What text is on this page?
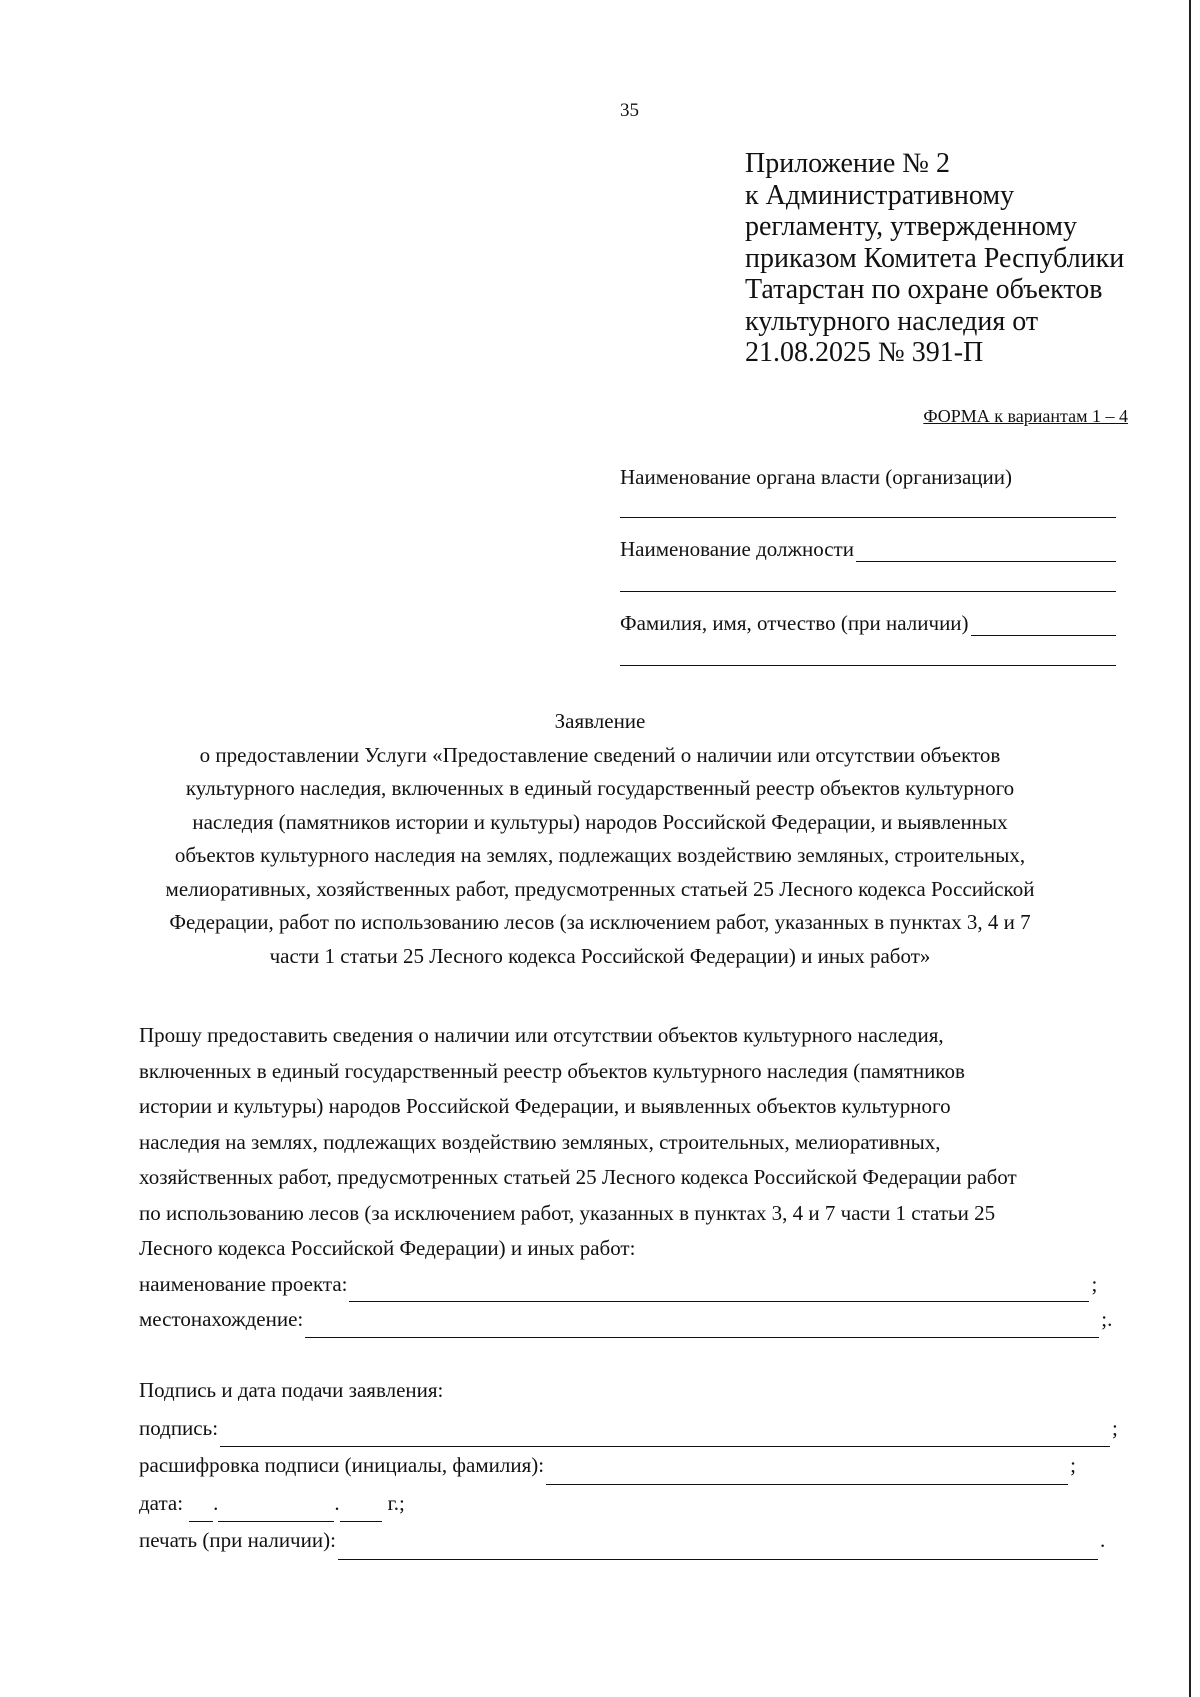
35
Приложение № 2
к Административному
регламенту, утвержденному
приказом Комитета Республики
Татарстан по охране объектов
культурного наследия от
21.08.2025 № 391-П
ФОРМА к вариантам 1 – 4
Наименование органа власти (организации)
Наименование должности
Фамилия, имя, отчество (при наличии)
Заявление
о предоставлении Услуги «Предоставление сведений о наличии или отсутствии объектов
культурного наследия, включенных в единый государственный реестр объектов культурного
наследия (памятников истории и культуры) народов Российской Федерации, и выявленных
объектов культурного наследия на землях, подлежащих воздействию земляных, строительных,
мелиоративных, хозяйственных работ, предусмотренных статьей 25 Лесного кодекса Российской
Федерации, работ по использованию лесов (за исключением работ, указанных в пунктах 3, 4 и 7
части 1 статьи 25 Лесного кодекса Российской Федерации) и иных работ»
Прошу предоставить сведения о наличии или отсутствии объектов культурного наследия,
включенных в единый государственный реестр объектов культурного наследия (памятников
истории и культуры) народов Российской Федерации, и выявленных объектов культурного
наследия на землях, подлежащих воздействию земляных, строительных, мелиоративных,
хозяйственных работ, предусмотренных статьей 25 Лесного кодекса Российской Федерации работ
по использованию лесов (за исключением работ, указанных в пунктах 3, 4 и 7 части 1 статьи 25
Лесного кодекса Российской Федерации) и иных работ:
наименование проекта:	;
местонахождение:	;.
Подпись и дата подачи заявления:
подпись:	;
расшифровка подписи (инициалы, фамилия):	;
дата: .	. г.;
печать (при наличии):	.
